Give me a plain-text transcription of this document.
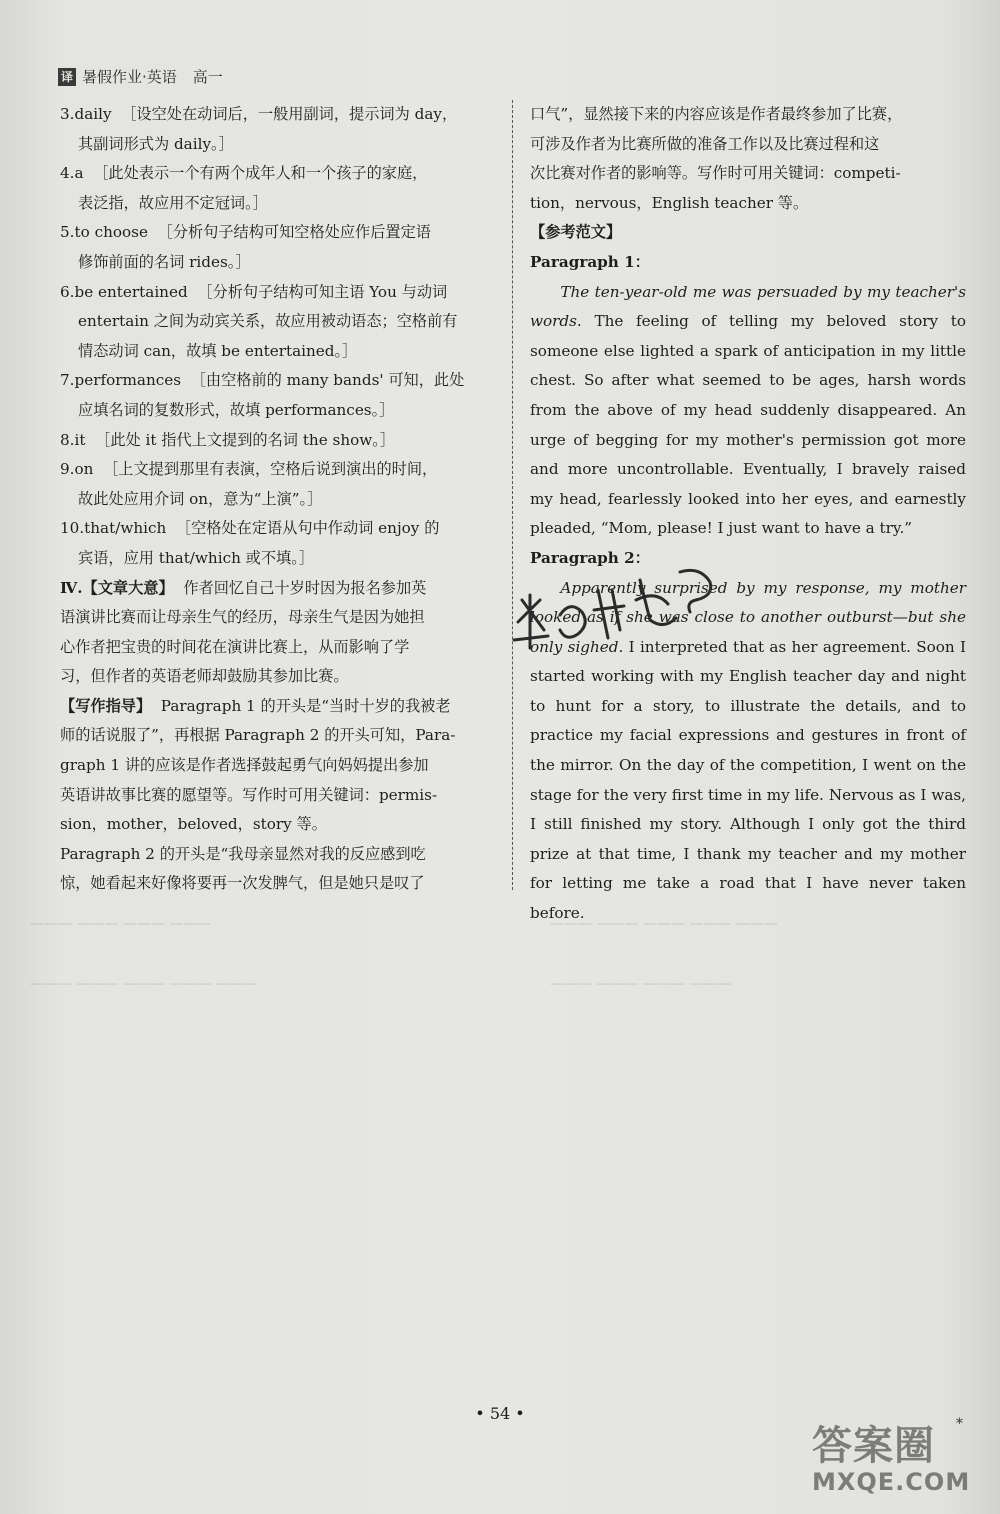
译 暑假作业·英语 高一

3.daily ［设空处在动词后，一般用副词，提示词为 day，

其副词形式为 daily。］

4.a ［此处表示一个有两个成年人和一个孩子的家庭，

表泛指，故应用不定冠词。］

5.to choose ［分析句子结构可知空格处应作后置定语

修饰前面的名词 rides。］

6.be entertained ［分析句子结构可知主语 You 与动词

entertain 之间为动宾关系，故应用被动语态；空格前有

情态动词 can，故填 be entertained。］

7.performances ［由空格前的 many bands' 可知，此处

应填名词的复数形式，故填 performances。］

8.it ［此处 it 指代上文提到的名词 the show。］

9.on ［上文提到那里有表演，空格后说到演出的时间，

故此处应用介词 on，意为“上演”。］

10.that/which ［空格处在定语从句中作动词 enjoy 的

宾语，应用 that/which 或不填。］

Ⅳ.【文章大意】 作者回忆自己十岁时因为报名参加英

语演讲比赛而让母亲生气的经历，母亲生气是因为她担

心作者把宝贵的时间花在演讲比赛上，从而影响了学

习，但作者的英语老师却鼓励其参加比赛。

【写作指导】 Paragraph 1 的开头是“当时十岁的我被老

师的话说服了”，再根据 Paragraph 2 的开头可知，Para-

graph 1 讲的应该是作者选择鼓起勇气向妈妈提出参加

英语讲故事比赛的愿望等。写作时可用关键词：permis-

sion，mother，beloved，story 等。

Paragraph 2 的开头是“我母亲显然对我的反应感到吃

惊，她看起来好像将要再一次发脾气，但是她只是叹了

口气”，显然接下来的内容应该是作者最终参加了比赛，

可涉及作者为比赛所做的准备工作以及比赛过程和这

次比赛对作者的影响等。写作时可用关键词：competi-

tion，nervous，English teacher 等。

【参考范文】

Paragraph 1：

The ten-year-old me was persuaded by my teacher's words. The feeling of telling my beloved story to someone else lighted a spark of anticipation in my little chest. So after what seemed to be ages, harsh words from the above of my head suddenly disappeared. An urge of begging for my mother's permission got more and more uncontrollable. Eventually, I bravely raised my head, fearlessly looked into her eyes, and earnestly pleaded, “Mom, please! I just want to have a try.”

Paragraph 2：

Apparently surprised by my response, my mother looked as if she was close to another outburst—but she only sighed. I interpreted that as her agreement. Soon I started working with my English teacher day and night to hunt for a story, to illustrate the details, and to practice my facial expressions and gestures in front of the mirror. On the day of the competition, I went on the stage for the very first time in my life. Nervous as I was, I still finished my story. Although I only got the third prize at that time, I thank my teacher and my mother for letting me take a road that I have never taken before.

——— ——— ——— ———
——— ——— ——— ——— ———
——— ——— ——— ——— ———
——— ——— ——— ———
• 54 •
*
答案圈
MXQE.COM
